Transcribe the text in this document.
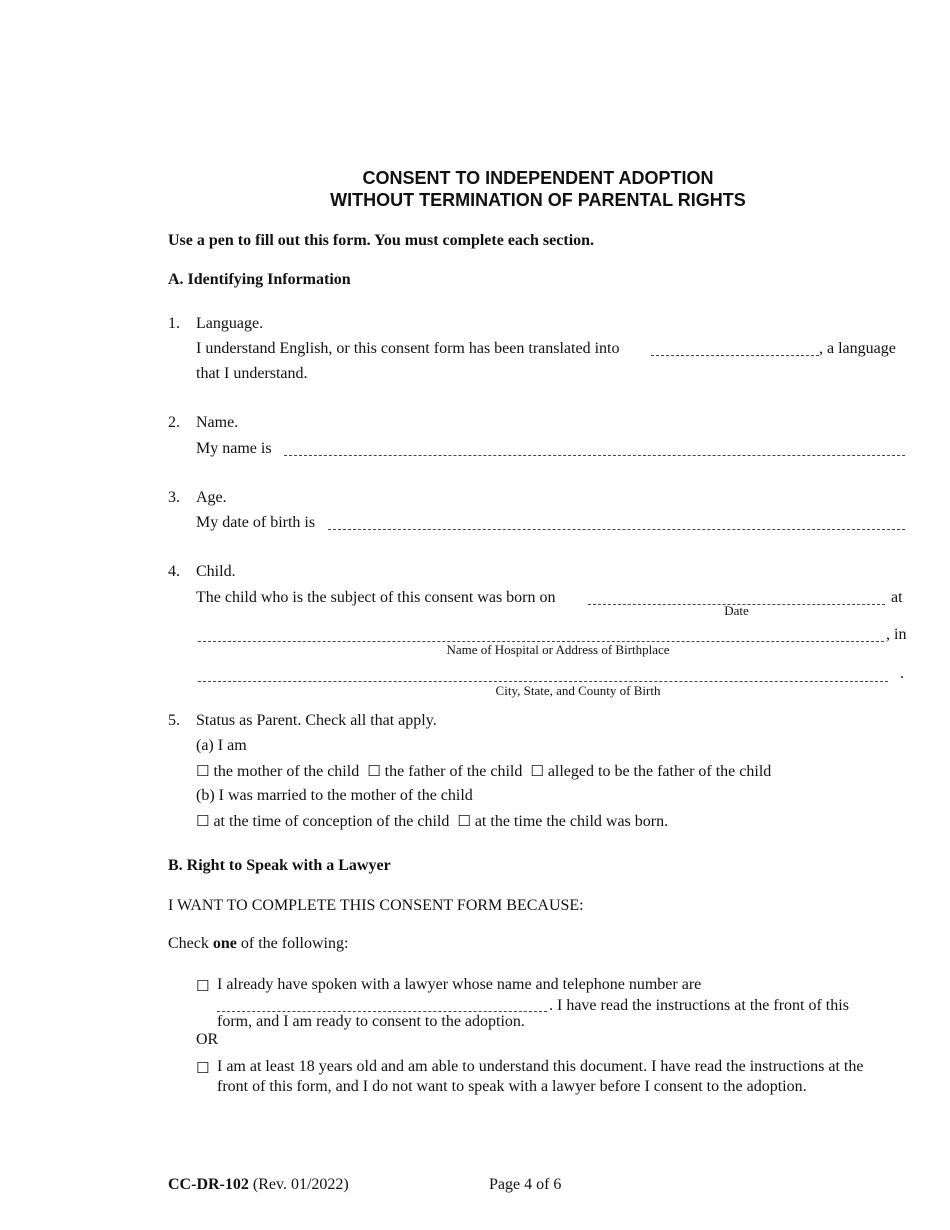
CONSENT TO INDEPENDENT ADOPTION
WITHOUT TERMINATION OF PARENTAL RIGHTS
Use a pen to fill out this form. You must complete each section.
A. Identifying Information
1. Language.
I understand English, or this consent form has been translated into	, a language
that I understand.
2. Name.
My name is
3. Age.
My date of birth is
4. Child.
The child who is the subject of this consent was born on	at
Date
, in
Name of Hospital or Address of Birthplace
.
City, State, and County of Birth
5. Status as Parent. Check all that apply.
(a) I am
☐ the mother of the child ☐ the father of the child ☐ alleged to be the father of the child
(b) I was married to the mother of the child
☐ at the time of conception of the child ☐ at the time the child was born.
B. Right to Speak with a Lawyer
I WANT TO COMPLETE THIS CONSENT FORM BECAUSE:
Check one of the following:
☐ I already have spoken with a lawyer whose name and telephone number are
. I have read the instructions at the front of this
form, and I am ready to consent to the adoption.
OR
☐ I am at least 18 years old and am able to understand this document. I have read the instructions at the
front of this form, and I do not want to speak with a lawyer before I consent to the adoption.
CC-DR-102 (Rev. 01/2022)	Page 4 of 6
